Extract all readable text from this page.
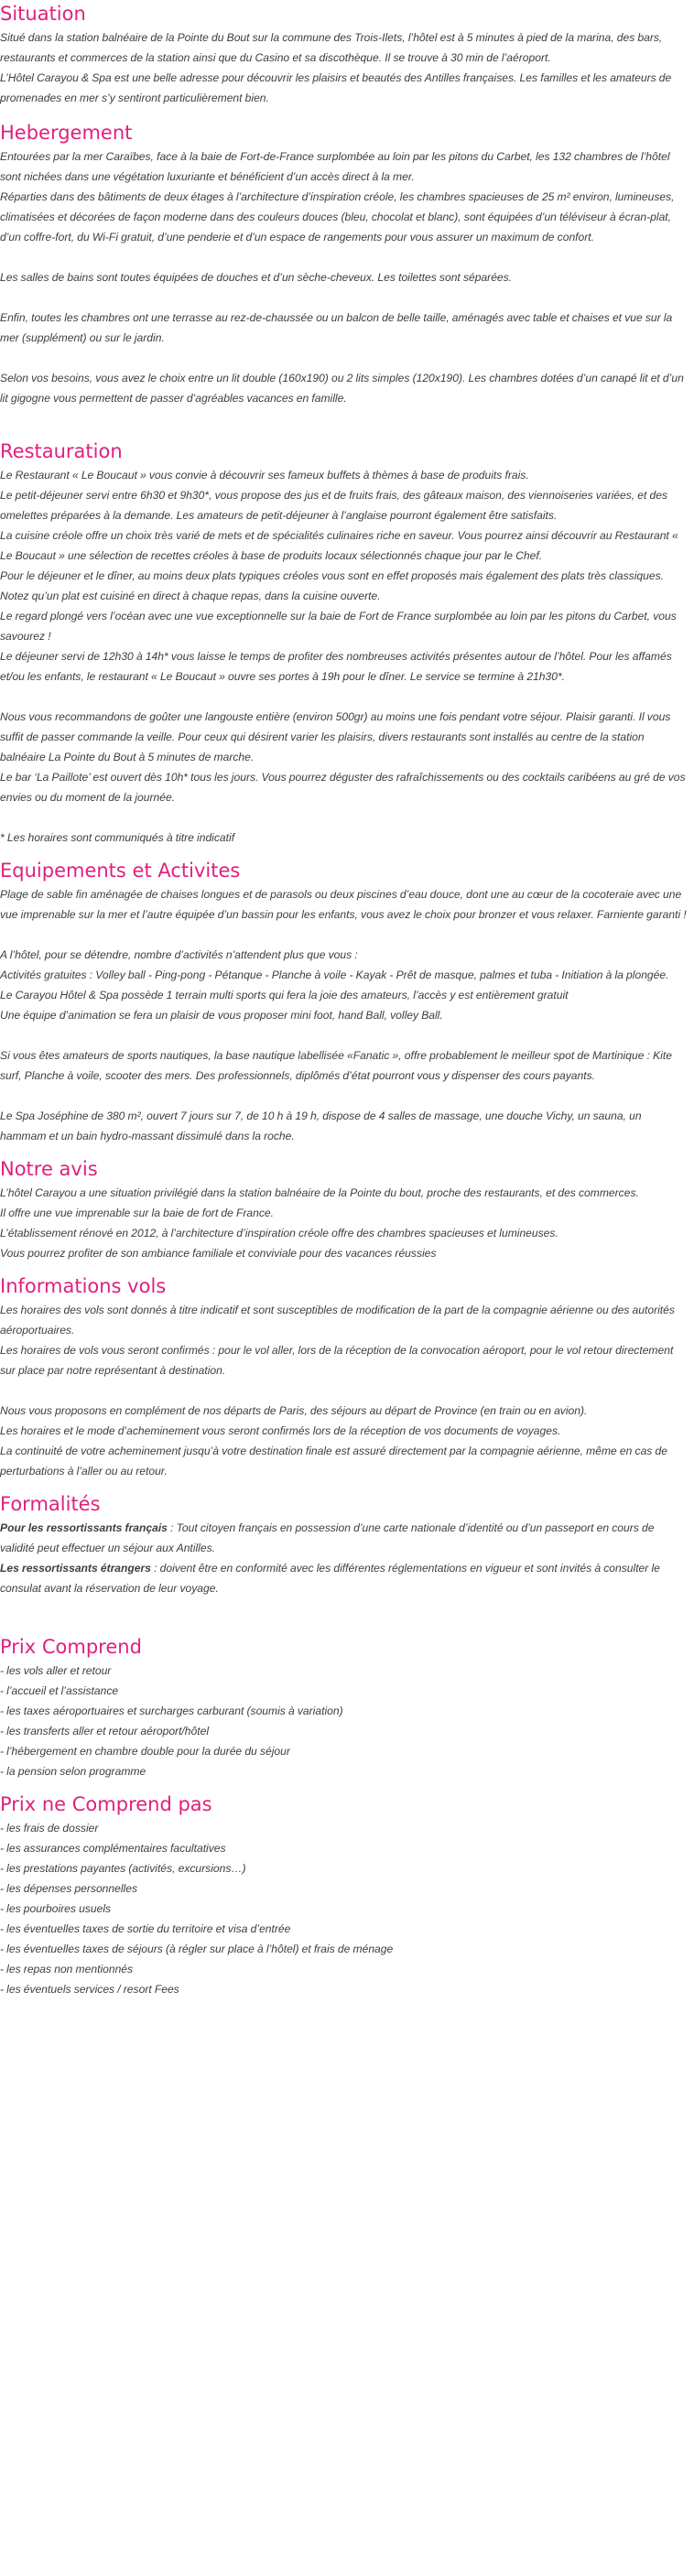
Situation

Situé dans la station balnéaire de la Pointe du Bout sur la commune des Trois-Ilets, l’hôtel est à 5 minutes à pied de la marina, des bars, restaurants et commerces de la station ainsi que du Casino et sa discothèque. Il se trouve à 30 min de l’aéroport.

L’Hôtel Carayou & Spa est une belle adresse pour découvrir les plaisirs et beautés des Antilles françaises. Les familles et les amateurs de promenades en mer s’y sentiront particulièrement bien.

Hebergement

Entourées par la mer Caraïbes, face à la baie de Fort-de-France surplombée au loin par les pitons du Carbet, les 132 chambres de l’hôtel sont nichées dans une végétation luxuriante et bénéficient d’un accès direct à la mer.

Réparties dans des bâtiments de deux étages à l’architecture d’inspiration créole, les chambres spacieuses de 25 m² environ, lumineuses, climatisées et décorées de façon moderne dans des couleurs douces (bleu, chocolat et blanc), sont équipées d’un téléviseur à écran-plat, d’un coffre-fort, du Wi-Fi gratuit, d’une penderie et d’un espace de rangements pour vous assurer un maximum de confort.

Les salles de bains sont toutes équipées de douches et d’un sèche-cheveux. Les toilettes sont séparées.

Enfin, toutes les chambres ont une terrasse au rez-de-chaussée ou un balcon de belle taille, aménagés avec table et chaises et vue sur la mer (supplément) ou sur le jardin.

Selon vos besoins, vous avez le choix entre un lit double (160x190) ou 2 lits simples (120x190). Les chambres dotées d’un canapé lit et d’un lit gigogne vous permettent de passer d’agréables vacances en famille.

Restauration

Le Restaurant « Le Boucaut » vous convie à découvrir ses fameux buffets à thèmes à base de produits frais.

Le petit-déjeuner servi entre 6h30 et 9h30*, vous propose des jus et de fruits frais, des gâteaux maison, des viennoiseries variées, et des omelettes préparées à la demande. Les amateurs de petit-déjeuner à l’anglaise pourront également être satisfaits.

La cuisine créole offre un choix très varié de mets et de spécialités culinaires riche en saveur. Vous pourrez ainsi découvrir au Restaurant « Le Boucaut » une sélection de recettes créoles à base de produits locaux sélectionnés chaque jour par le Chef.

Pour le déjeuner et le dîner, au moins deux plats typiques créoles vous sont en effet proposés mais également des plats très classiques. Notez qu’un plat est cuisiné en direct à chaque repas, dans la cuisine ouverte.

Le regard plongé vers l’océan avec une vue exceptionnelle sur la baie de Fort de France surplombée au loin par les pitons du Carbet, vous savourez !

Le déjeuner servi de 12h30 à 14h* vous laisse le temps de profiter des nombreuses activités présentes autour de l’hôtel. Pour les affamés et/ou les enfants, le restaurant « Le Boucaut » ouvre ses portes à 19h pour le dîner. Le service se termine à 21h30*.

Nous vous recommandons de goûter une langouste entière (environ 500gr) au moins une fois pendant votre séjour. Plaisir garanti. Il vous suffit de passer commande la veille. Pour ceux qui désirent varier les plaisirs, divers restaurants sont installés au centre de la station balnéaire La Pointe du Bout à 5 minutes de marche.

Le bar ‘La Paillote’ est ouvert dès 10h* tous les jours. Vous pourrez déguster des rafraîchissements ou des cocktails caribéens au gré de vos envies ou du moment de la journée.

* Les horaires sont communiqués à titre indicatif

Equipements et Activites

Plage de sable fin aménagée de chaises longues et de parasols ou deux piscines d’eau douce, dont une au cœur de la cocoteraie avec une vue imprenable sur la mer et l’autre équipée d’un bassin pour les enfants, vous avez le choix pour bronzer et vous relaxer. Farniente garanti !

A l’hôtel, pour se détendre, nombre d’activités n’attendent plus que vous :

Activités gratuites : Volley ball - Ping-pong - Pétanque - Planche à voile - Kayak - Prêt de masque, palmes et tuba - Initiation à la plongée.

Le Carayou Hôtel & Spa possède 1 terrain multi sports qui fera la joie des amateurs, l’accès y est entièrement gratuit

Une équipe d’animation se fera un plaisir de vous proposer mini foot, hand Ball, volley Ball.

Si vous êtes amateurs de sports nautiques, la base nautique labellisée «Fanatic », offre probablement le meilleur spot de Martinique : Kite surf, Planche à voile, scooter des mers. Des professionnels, diplômés d’état pourront vous y dispenser des cours payants.

Le Spa Joséphine de 380 m², ouvert 7 jours sur 7, de 10 h à 19 h, dispose de 4 salles de massage, une douche Vichy, un sauna, un hammam et un bain hydro-massant dissimulé dans la roche.

Notre avis

L’hôtel Carayou a une situation privilégié dans la station balnéaire de la Pointe du bout, proche des restaurants, et des commerces.

Il offre une vue imprenable sur la baie de fort de France.

L’établissement rénové en 2012, à l’architecture d’inspiration créole offre des chambres spacieuses et lumineuses.

Vous pourrez profiter de son ambiance familiale et conviviale pour des vacances réussies

Informations vols

Les horaires des vols sont donnés à titre indicatif et sont susceptibles de modification de la part de la compagnie aérienne ou des autorités aéroportuaires.

Les horaires de vols vous seront confirmés : pour le vol aller, lors de la réception de la convocation aéroport, pour le vol retour directement sur place par notre représentant à destination.

Nous vous proposons en complément de nos départs de Paris, des séjours au départ de Province (en train ou en avion).

Les horaires et le mode d’acheminement vous seront confirmés lors de la réception de vos documents de voyages.

La continuité de votre acheminement jusqu’à votre destination finale est assuré directement par la compagnie aérienne, même en cas de perturbations à l’aller ou au retour.

Formalités

Pour les ressortissants français : Tout citoyen français en possession d’une carte nationale d’identité ou d’un passeport en cours de validité peut effectuer un séjour aux Antilles.

Les ressortissants étrangers : doivent être en conformité avec les différentes réglementations en vigueur et sont invités à consulter le consulat avant la réservation de leur voyage.

Prix Comprend

- les vols aller et retour

- l’accueil et l’assistance

- les taxes aéroportuaires et surcharges carburant (soumis à variation)

- les transferts aller et retour aéroport/hôtel

- l’hébergement en chambre double pour la durée du séjour

- la pension selon programme

Prix ne Comprend pas

- les frais de dossier

- les assurances complémentaires facultatives

- les prestations payantes (activités, excursions…)

- les dépenses personnelles

- les pourboires usuels

- les éventuelles taxes de sortie du territoire et visa d’entrée

- les éventuelles taxes de séjours (à régler sur place à l’hôtel) et frais de ménage

- les repas non mentionnés

- les éventuels services / resort Fees
